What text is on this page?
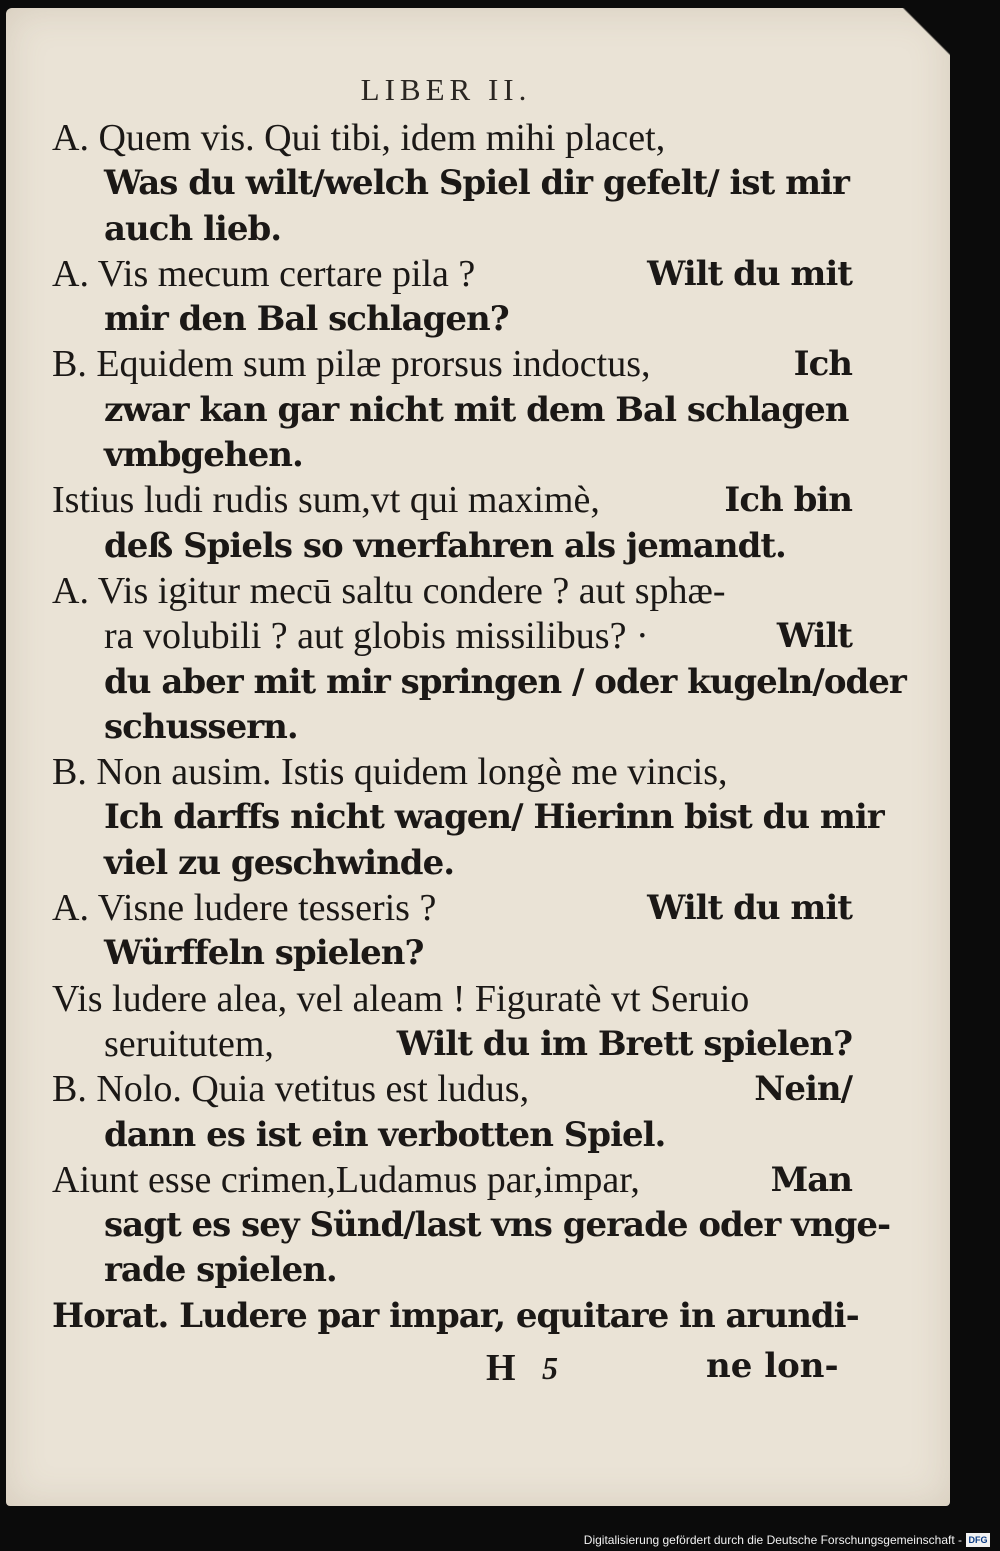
LIBER II.
A. Quem vis. Qui tibi, idem mihi placet,
Was du wilt/welch Spiel dir gefelt/ ist mir
auch lieb.
A. Vis mecum certare pila ?	Wilt du mit
mir den Bal schlagen?
B. Equidem sum pilæ prorsus indoctus,	Ich
zwar kan gar nicht mit dem Bal schlagen
vmbgehen.
Istius ludi rudis sum,vt qui maximè,	Ich bin
deß Spiels so vnerfahren als jemandt.
A. Vis igitur mecū saltu condere ? aut sphæ-
ra volubili ? aut globis missilibus? ·	Wilt
du aber mit mir springen / oder kugeln/oder
schussern.
B. Non ausim. Istis quidem longè me vincis,
Ich darffs nicht wagen/ Hierinn bist du mir
viel zu geschwinde.
A. Visne ludere tesseris ?	Wilt du mit
Würffeln spielen?
Vis ludere alea, vel aleam ! Figuratè vt Seruio
seruitutem,	Wilt du im Brett spielen?
B. Nolo. Quia vetitus est ludus,	Nein/
dann es ist ein verbotten Spiel.
Aiunt esse crimen,Ludamus par,impar,	Man
sagt es sey Sünd/last vns gerade oder vnge-
rade spielen.
Horat. Ludere par impar, equitare in arundi-
H 5	ne lon-
Digitalisierung gefördert durch die Deutsche Forschungsgemeinschaft - DFG
